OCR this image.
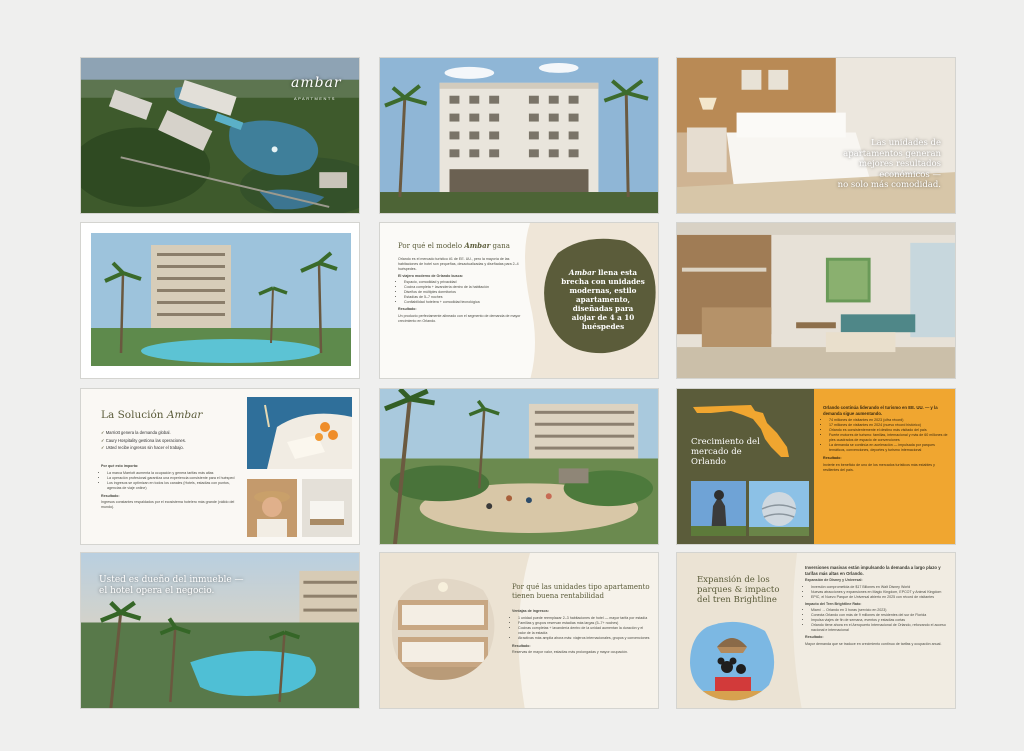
ambar
APARTMENTS
Las unidades de
apartamentos generan
mejores resultados
económicos —
no solo más comodidad.
Por qué el modelo Ambar gana

Orlando es el mercado turístico #1 de EE. UU., pero la mayoría de las habitaciones de hotel son pequeñas, desactualizadas y diseñadas para 2–4 huéspedes.

El viajero moderno de Orlando busca:

• Espacio, comodidad y privacidad
• Cocina completa + lavandería dentro de la habitación
• Diseños de múltiples dormitorios
• Estadías de 5–7 noches
• Confiabilidad hotelera + comodidad tecnológica

Resultado:

Un producto perfectamente alineado con el segmento de demanda de mayor crecimiento en Orlando.

Ambar llena esta brecha con unidades modernas, estilo apartamento, diseñadas para alojar de 4 a 10 huéspedes
La Solución Ambar
✓ Marriott genera la demanda global.
✓ Caury Hospitality gestiona las operaciones.
✓ Usted recibe ingresos sin hacer el trabajo.

Por qué esto importa:

• La marca Marriott aumenta la ocupación y genera tarifas más altas
• La operación profesional garantiza una experiencia consistente para el huésped
• Los ingresos se optimizan en todos los canales (Hotels, estadías con puntos, agencias de viaje online)

Resultado:

Ingresos constantes respaldados por el ecosistema hotelero más grande (válido del mundo).

Crecimiento del mercado de Orlando

Orlando continúa liderando el turismo en EE. UU. — y la demanda sigue aumentando.

• 74 millones de visitantes en 2023 (cifra récord)
• 17 millones de visitantes en 2024 (nuevo récord histórico)
• Orlando es consistentemente el destino más visitado del país
• Fuerte motores de turismo: familias, internacional y más de 60 millones de pies cuadrados de espacio de convenciones
• La demanda se continúa en aceleración — impulsada por parques temáticos, convenciones, deportes y turismo internacional

Resultado:

Invierte en beneficio de uno de los mercados turísticos más estables y resilientes del país.

Usted es dueño del inmueble —
el hotel opera el negocio.	Por qué las unidades tipo apartamento
tienen buena rentabilidad

Ventajas de ingresos:

• 1 unidad puede reemplazar 2–3 habitaciones de hotel — mayor tarifa por estadía
• Familias y grupos reservan estadías más largas (5–7+ noches)
• Cocinas completas + lavandería dentro de la unidad aumentan la duración y el valor de la estadía
• Atractivas más amplia ahora más: viajeros internacionales, grupos y convenciones

Resultado:

Reservas de mayor valor, estadías más prolongadas y mayor ocupación.

Expansión de los
parques & impacto
del tren Brightline

Inversiones masivas están impulsando la demanda a largo plazo y tarifas más altas en Orlando.

Expansión de Disney y Universal:

• Inversión comprometida de $17 Billones en Walt Disney World
• Nuevas atracciones y expansiones en Magic Kingdom, EPCOT y Animal Kingdom
• EPIC, el Nuevo Parque de Universal abierto en 2025 con récord de visitantes

Impacto del Tren Brightline Rato:

• Miami → Orlando en 3 horas (servicio en 2023)
• Conecta Orlando con más de 9 millones de residentes del sur de Florida
• Impulsa viajes de fin de semana, eventos y estadías cortas
• Orlando tiene ahora en el Aeropuerto Internacional de Orlando, reforzando el acceso nacional e internacional

Resultado:

Mayor demanda que se traduce en crecimiento continuo de tarifas y ocupación anual.
